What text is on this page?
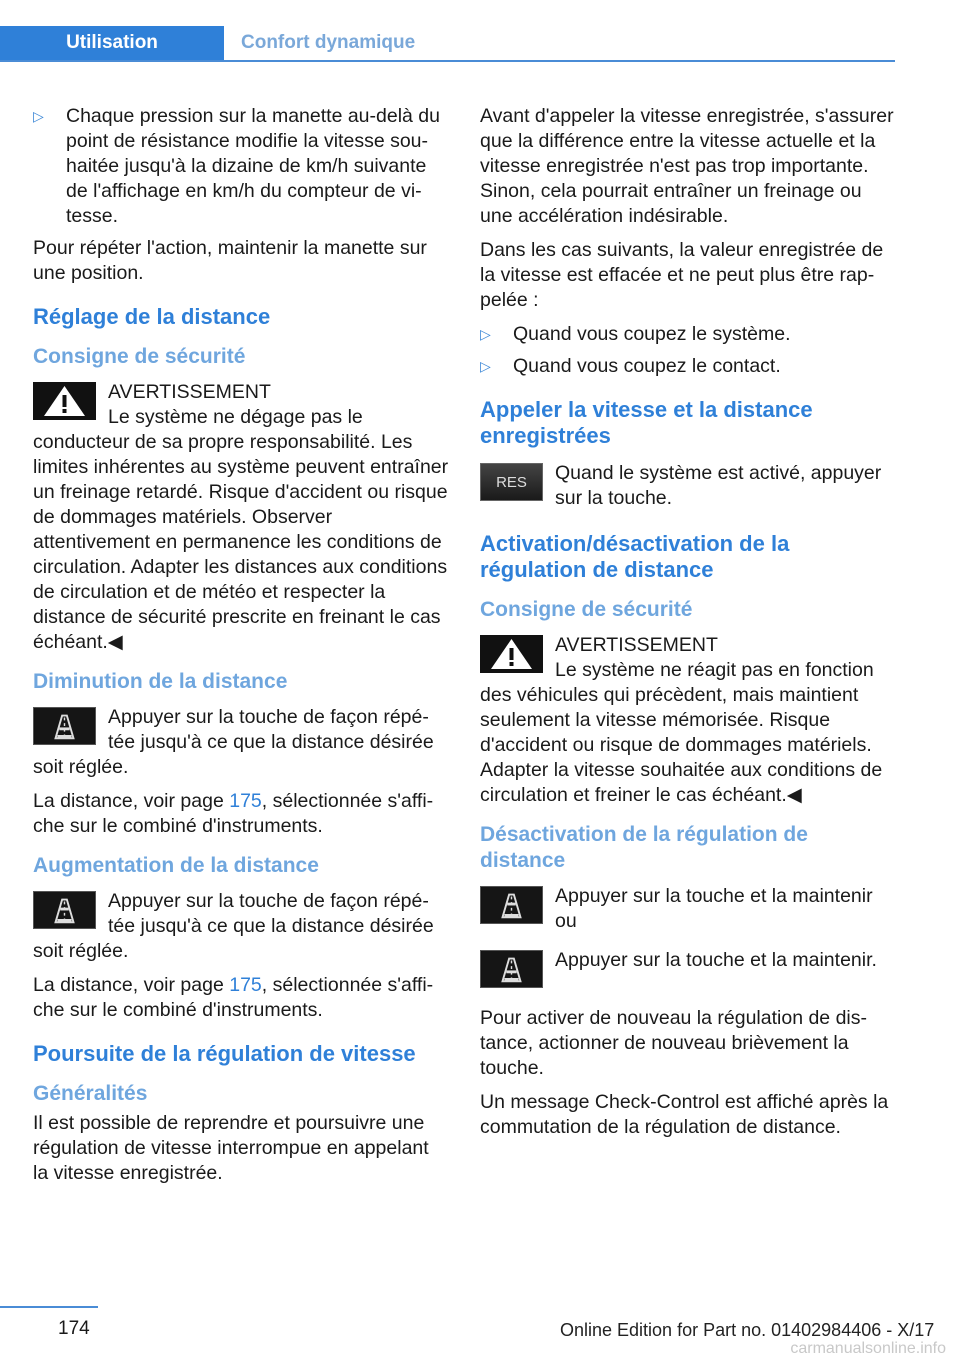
Utilisation	Confort dynamique
▷	Chaque pression sur la manette au-delà du point de résistance modifie la vitesse souhaitée jusqu'à la dizaine de km/h suivante de l'affichage en km/h du compteur de vitesse.

Pour répéter l'action, maintenir la manette sur une position.

Réglage de la distance
Consigne de sécurité
AVERTISSEMENT
Le système ne dégage pas le conducteur de sa propre responsabilité. Les limites inhérentes au système peuvent entraîner un freinage retardé. Risque d'accident ou risque de dommages matériels. Observer attentivement en permanence les conditions de circulation. Adapter les distances aux conditions de circulation et de météo et respecter la distance de sécurité prescrite en freinant le cas échéant.◀
Diminution de la distance
Appuyer sur la touche de façon répétée jusqu'à ce que la distance désirée soit réglée.

La distance, voir page 175, sélectionnée s'affiche sur le combiné d'instruments.

Augmentation de la distance
Appuyer sur la touche de façon répétée jusqu'à ce que la distance désirée soit réglée.

La distance, voir page 175, sélectionnée s'affiche sur le combiné d'instruments.

Poursuite de la régulation de vitesse
Généralités

Il est possible de reprendre et poursuivre une régulation de vitesse interrompue en appelant la vitesse enregistrée.

Avant d'appeler la vitesse enregistrée, s'assurer que la différence entre la vitesse actuelle et la vitesse enregistrée n'est pas trop importante. Sinon, cela pourrait entraîner un freinage ou une accélération indésirable.

Dans les cas suivants, la valeur enregistrée de la vitesse est effacée et ne peut plus être rappelée :

▷	Quand vous coupez le système.
▷	Quand vous coupez le contact.
Appeler la vitesse et la distance enregistrées
RES	Quand le système est activé, appuyer sur la touche.
Activation/désactivation de la régulation de distance
Consigne de sécurité
AVERTISSEMENT
Le système ne réagit pas en fonction des véhicules qui précèdent, mais maintient seulement la vitesse mémorisée. Risque d'accident ou risque de dommages matériels. Adapter la vitesse souhaitée aux conditions de circulation et freiner le cas échéant.◀
Désactivation de la régulation de distance
Appuyer sur la touche et la maintenir ou
Appuyer sur la touche et la maintenir.

Pour activer de nouveau la régulation de distance, actionner de nouveau brièvement la touche.

Un message Check-Control est affiché après la commutation de la régulation de distance.

174	Online Edition for Part no. 01402984406 - X/17
carmanualsonline.info
